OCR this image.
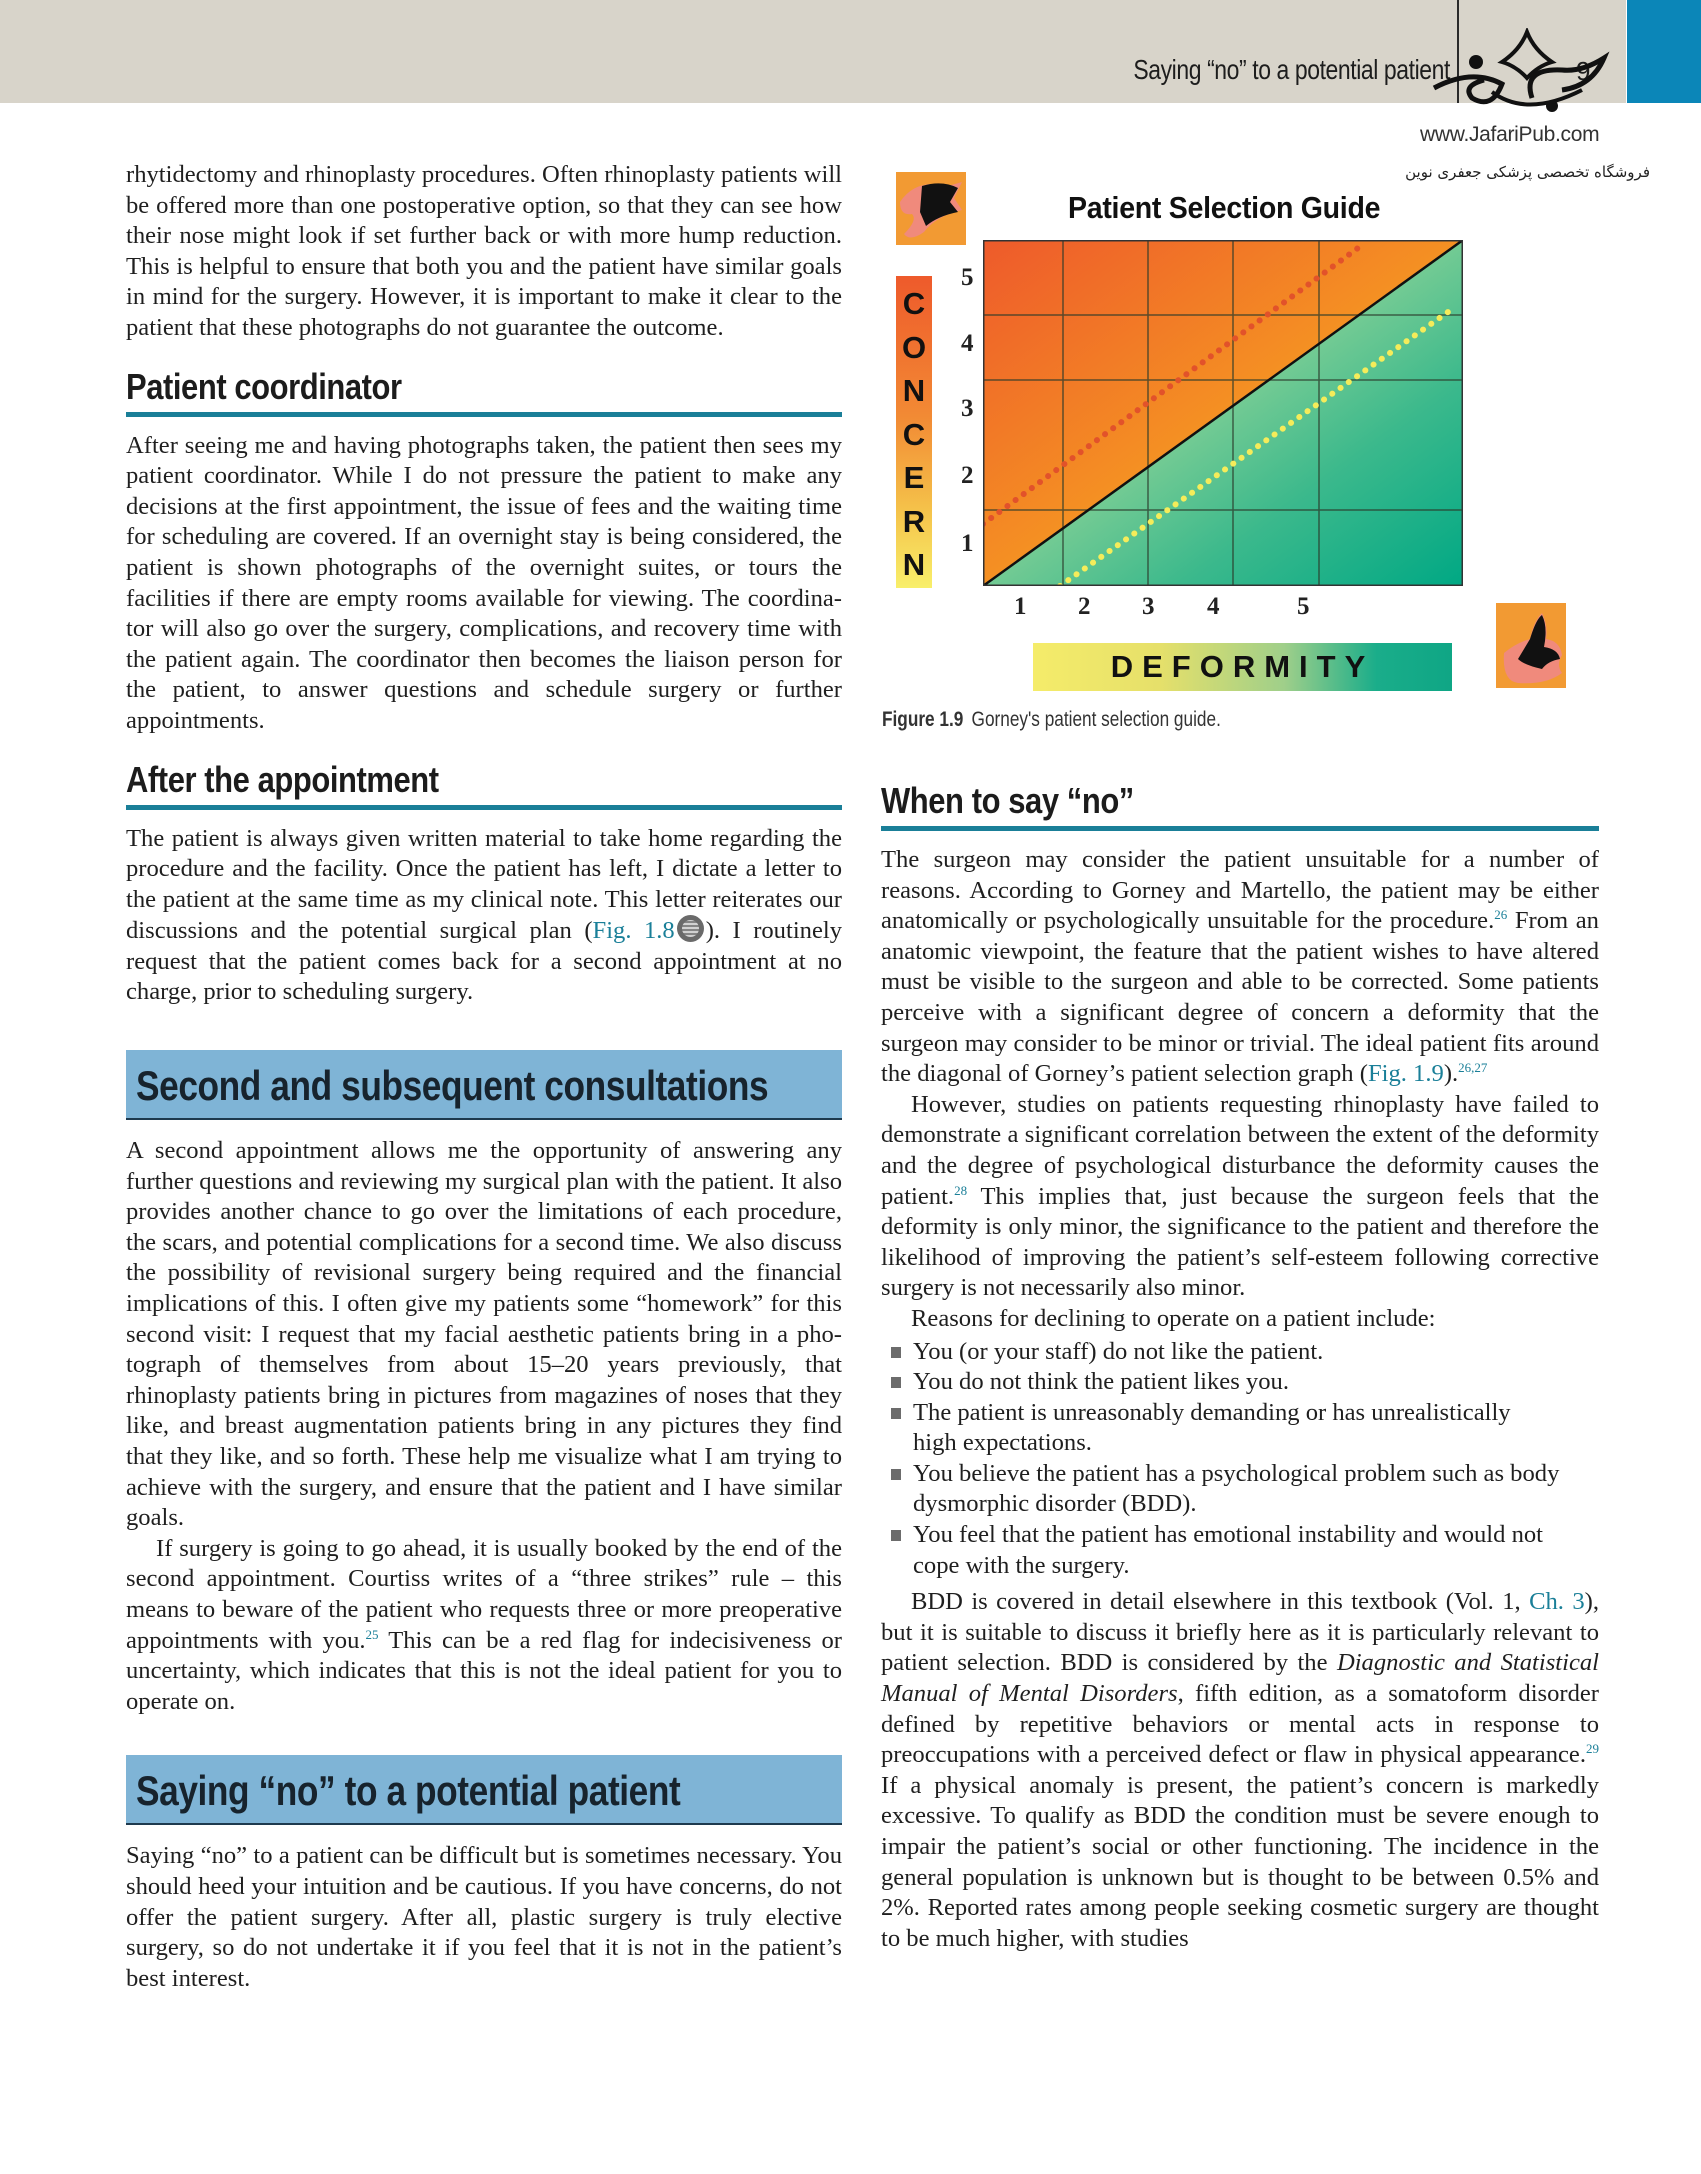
Saying “no” to a potential patient	9
www.JafariPub.com
فروشگاه تخصصی پزشکی جعفری نوین

rhytidectomy and rhinoplasty procedures. Often rhinoplasty patients will be offered more than one postoperative option, so that they can see how their nose might look if set further back or with more hump reduction. This is helpful to ensure that both you and the patient have similar goals in mind for the surgery. However, it is important to make it clear to the patient that these photographs do not guarantee the outcome.

Patient coordinator

After seeing me and having photographs taken, the patient then sees my patient coordinator. While I do not pressure the patient to make any decisions at the first appointment, the issue of fees and the waiting time for scheduling are covered. If an overnight stay is being considered, the patient is shown photographs of the overnight suites, or tours the facilities if there are empty rooms available for viewing. The coordinator will also go over the surgery, complications, and recovery time with the patient again. The coordinator then becomes the liaison person for the patient, to answer questions and schedule surgery or further appointments.

After the appointment

The patient is always given written material to take home regarding the procedure and the facility. Once the patient has left, I dictate a letter to the patient at the same time as my clinical note. This letter reiterates our discussions and the potential surgical plan (Fig. 1.8 ). I routinely request that the patient comes back for a second appointment at no charge, prior to scheduling surgery.

Second and subsequent consultations

A second appointment allows me the opportunity of answering any further questions and reviewing my surgical plan with the patient. It also provides another chance to go over the limitations of each procedure, the scars, and potential complications for a second time. We also discuss the possibility of revisional surgery being required and the financial implications of this. I often give my patients some “homework” for this second visit: I request that my facial aesthetic patients bring in a photograph of themselves from about 15–20 years previously, that rhinoplasty patients bring in pictures from magazines of noses that they like, and breast augmentation patients bring in any pictures they find that they like, and so forth. These help me visualize what I am trying to achieve with the surgery, and ensure that the patient and I have similar goals.

If surgery is going to go ahead, it is usually booked by the end of the second appointment. Courtiss writes of a “three strikes” rule – this means to beware of the patient who requests three or more preoperative appointments with you.$^{25}$ This can be a red flag for indecisiveness or uncertainty, which indicates that this is not the ideal patient for you to operate on.

Saying “no” to a potential patient

Saying “no” to a patient can be difficult but is sometimes necessary. You should heed your intuition and be cautious. If you have concerns, do not offer the patient surgery. After all, plastic surgery is truly elective surgery, so do not undertake it if you feel that it is not in the patient’s best interest.

Patient Selection Guide
C
O
N
C
E
R
N
5
4
3
2
1
1 2 3 4	5
DEFORMITY
Figure 1.9 Gorney's patient selection guide.
When to say “no”

The surgeon may consider the patient unsuitable for a number of reasons. According to Gorney and Martello, the patient may be either anatomically or psychologically unsuitable for the procedure.$^{26}$ From an anatomic viewpoint, the feature that the patient wishes to have altered must be visible to the surgeon and able to be corrected. Some patients perceive with a significant degree of concern a deformity that the surgeon may consider to be minor or trivial. The ideal patient fits around the diagonal of Gorney’s patient selection graph (Fig. 1.9).$^{26,27}$

However, studies on patients requesting rhinoplasty have failed to demonstrate a significant correlation between the extent of the deformity and the degree of psychological disturbance the deformity causes the patient.$^{28}$ This implies that, just because the surgeon feels that the deformity is only minor, the significance to the patient and therefore the likelihood of improving the patient’s self-esteem following corrective surgery is not necessarily also minor.

Reasons for declining to operate on a patient include:

You (or your staff) do not like the patient.
You do not think the patient likes you.
The patient is unreasonably demanding or has unrealistically high expectations.
You believe the patient has a psychological problem such as body dysmorphic disorder (BDD).
You feel that the patient has emotional instability and would not cope with the surgery.

BDD is covered in detail elsewhere in this textbook (Vol. 1, Ch. 3), but it is suitable to discuss it briefly here as it is particularly relevant to patient selection. BDD is considered by the Diagnostic and Statistical Manual of Mental Disorders, fifth edition, as a somatoform disorder defined by repetitive behaviors or mental acts in response to preoccupations with a perceived defect or flaw in physical appearance.$^{29}$ If a physical anomaly is present, the patient’s concern is markedly excessive. To qualify as BDD the condition must be severe enough to impair the patient’s social or other functioning. The incidence in the general population is unknown but is thought to be between 0.5% and 2%. Reported rates among people seeking cosmetic surgery are thought to be much higher, with studies
